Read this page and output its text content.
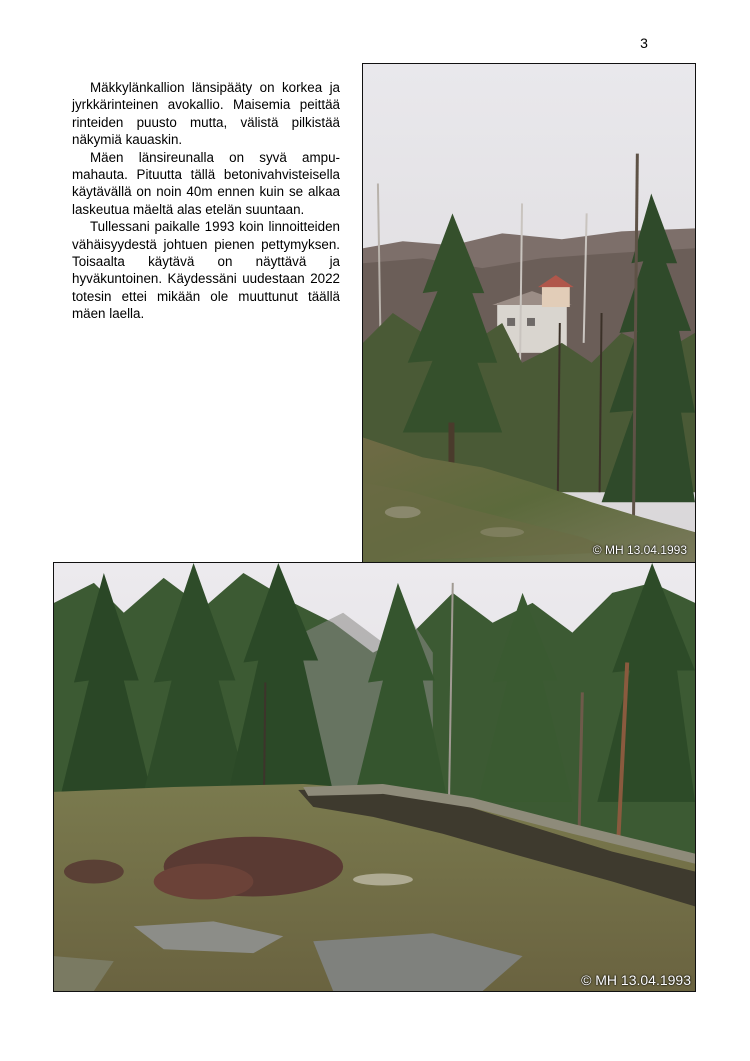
3

Mäkkylänkallion länsipääty on korkea ja jyrkkärinteinen avokallio. Maisemia peittää rinteiden puusto mutta, välistä pilkistää näkymiä kauaskin.

Mäen länsireunalla on syvä ampumahauta. Pituutta tällä betonivahvisteisella käytävällä on noin 40m ennen kuin se alkaa laskeutua mäeltä alas etelän suuntaan.

Tullessani paikalle 1993 koin linnoitteiden vähäisyydestä johtuen pienen pettymyksen. Toisaalta käytävä on näyttävä ja hyväkuntoinen. Käydessäni uudestaan 2022 totesin ettei mikään ole muuttunut täällä mäen laella.

© MH 13.04.1993
© MH 13.04.1993
